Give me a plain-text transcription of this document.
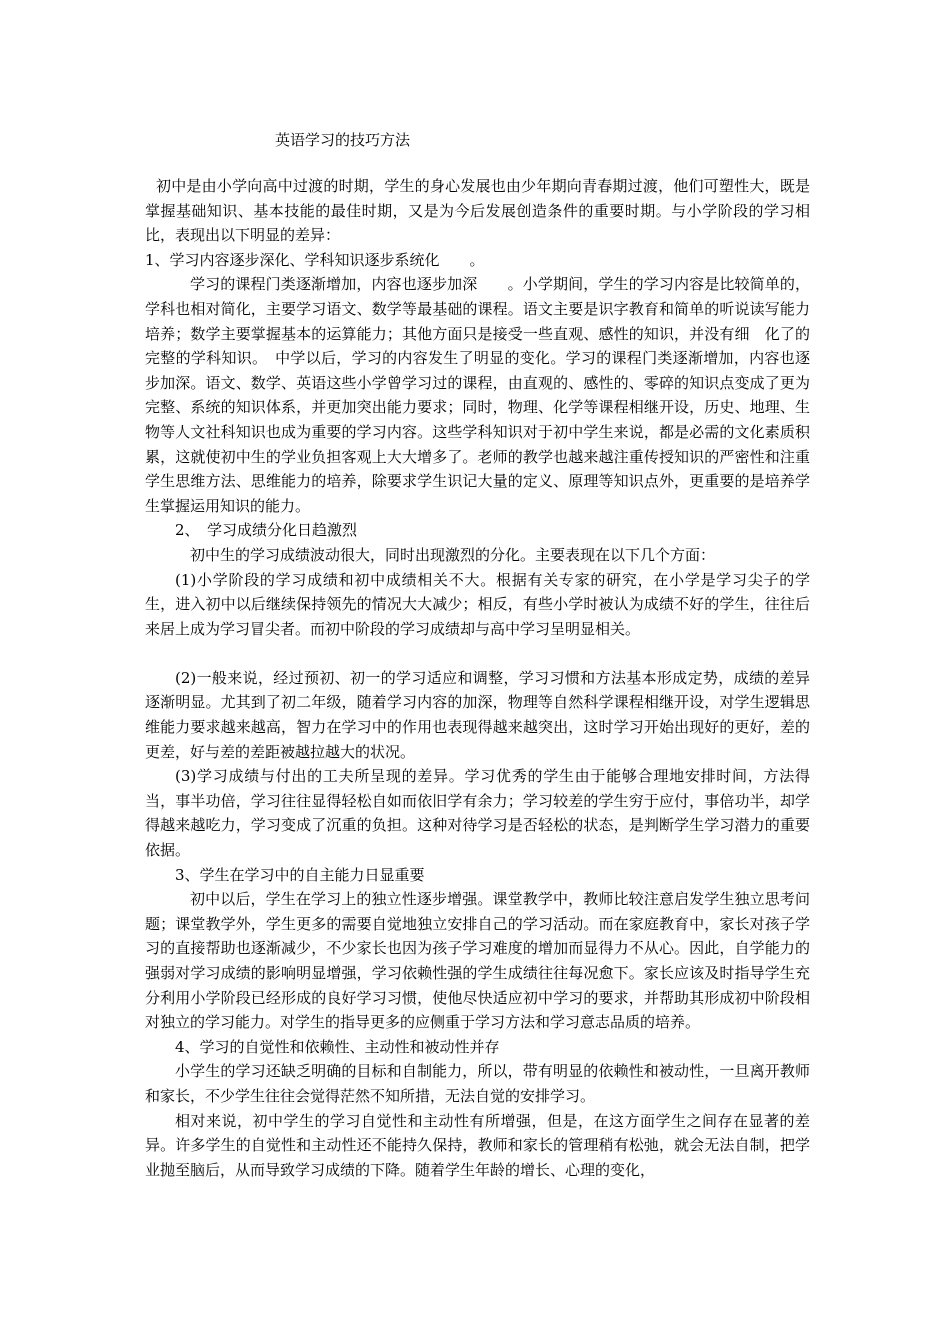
英语学习的技巧方法

初中是由小学向高中过渡的时期，学生的身心发展也由少年期向青春期过渡，他们可塑性大，既是掌握基础知识、基本技能的最佳时期，又是为今后发展创造条件的重要时期。与小学阶段的学习相比，表现出以下明显的差异：

1、学习内容逐步深化、学科知识逐步系统化　　。

学习的课程门类逐渐增加，内容也逐步加深　　。小学期间，学生的学习内容是比较简单的，学科也相对简化，主要学习语文、数学等最基础的课程。语文主要是识字教育和简单的听说读写能力培养；数学主要掌握基本的运算能力；其他方面只是接受一些直观、感性的知识，并没有细　化了的完整的学科知识。　中学以后，学习的内容发生了明显的变化。学习的课程门类逐渐增加，内容也逐步加深。语文、数学、英语这些小学曾学习过的课程，由直观的、感性的、零碎的知识点变成了更为完整、系统的知识体系，并更加突出能力要求；同时，物理、化学等课程相继开设，历史、地理、生物等人文社科知识也成为重要的学习内容。这些学科知识对于初中学生来说，都是必需的文化素质积累，这就使初中生的学业负担客观上大大增多了。老师的教学也越来越注重传授知识的严密性和注重学生思维方法、思维能力的培养，除要求学生识记大量的定义、原理等知识点外，更重要的是培养学生掌握运用知识的能力。

2、　学习成绩分化日趋激烈

初中生的学习成绩波动很大，同时出现激烈的分化。主要表现在以下几个方面：

(1)小学阶段的学习成绩和初中成绩相关不大。根据有关专家的研究，在小学是学习尖子的学生，进入初中以后继续保持领先的情况大大减少；相反，有些小学时被认为成绩不好的学生，往往后来居上成为学习冒尖者。而初中阶段的学习成绩却与高中学习呈明显相关。

(2)一般来说，经过预初、初一的学习适应和调整，学习习惯和方法基本形成定势，成绩的差异逐渐明显。尤其到了初二年级，随着学习内容的加深，物理等自然科学课程相继开设，对学生逻辑思维能力要求越来越高，智力在学习中的作用也表现得越来越突出，这时学习开始出现好的更好，差的更差，好与差的差距被越拉越大的状况。

(3)学习成绩与付出的工夫所呈现的差异。学习优秀的学生由于能够合理地安排时间，方法得当，事半功倍，学习往往显得轻松自如而依旧学有余力；学习较差的学生穷于应付，事倍功半，却学得越来越吃力，学习变成了沉重的负担。这种对待学习是否轻松的状态，是判断学生学习潜力的重要依据。

3、学生在学习中的自主能力日显重要

初中以后，学生在学习上的独立性逐步增强。课堂教学中，教师比较注意启发学生独立思考问题；课堂教学外，学生更多的需要自觉地独立安排自己的学习活动。而在家庭教育中，家长对孩子学习的直接帮助也逐渐减少，不少家长也因为孩子学习难度的增加而显得力不从心。因此，自学能力的强弱对学习成绩的影响明显增强，学习依赖性强的学生成绩往往每况愈下。家长应该及时指导学生充分利用小学阶段已经形成的良好学习习惯，使他尽快适应初中学习的要求，并帮助其形成初中阶段相对独立的学习能力。对学生的指导更多的应侧重于学习方法和学习意志品质的培养。

4、学习的自觉性和依赖性、主动性和被动性并存

小学生的学习还缺乏明确的目标和自制能力，所以，带有明显的依赖性和被动性，一旦离开教师和家长，不少学生往往会觉得茫然不知所措，无法自觉的安排学习。

相对来说，初中学生的学习自觉性和主动性有所增强，但是，在这方面学生之间存在显著的差异。许多学生的自觉性和主动性还不能持久保持，教师和家长的管理稍有松弛，就会无法自制，把学业抛至脑后，从而导致学习成绩的下降。随着学生年龄的增长、心理的变化，
